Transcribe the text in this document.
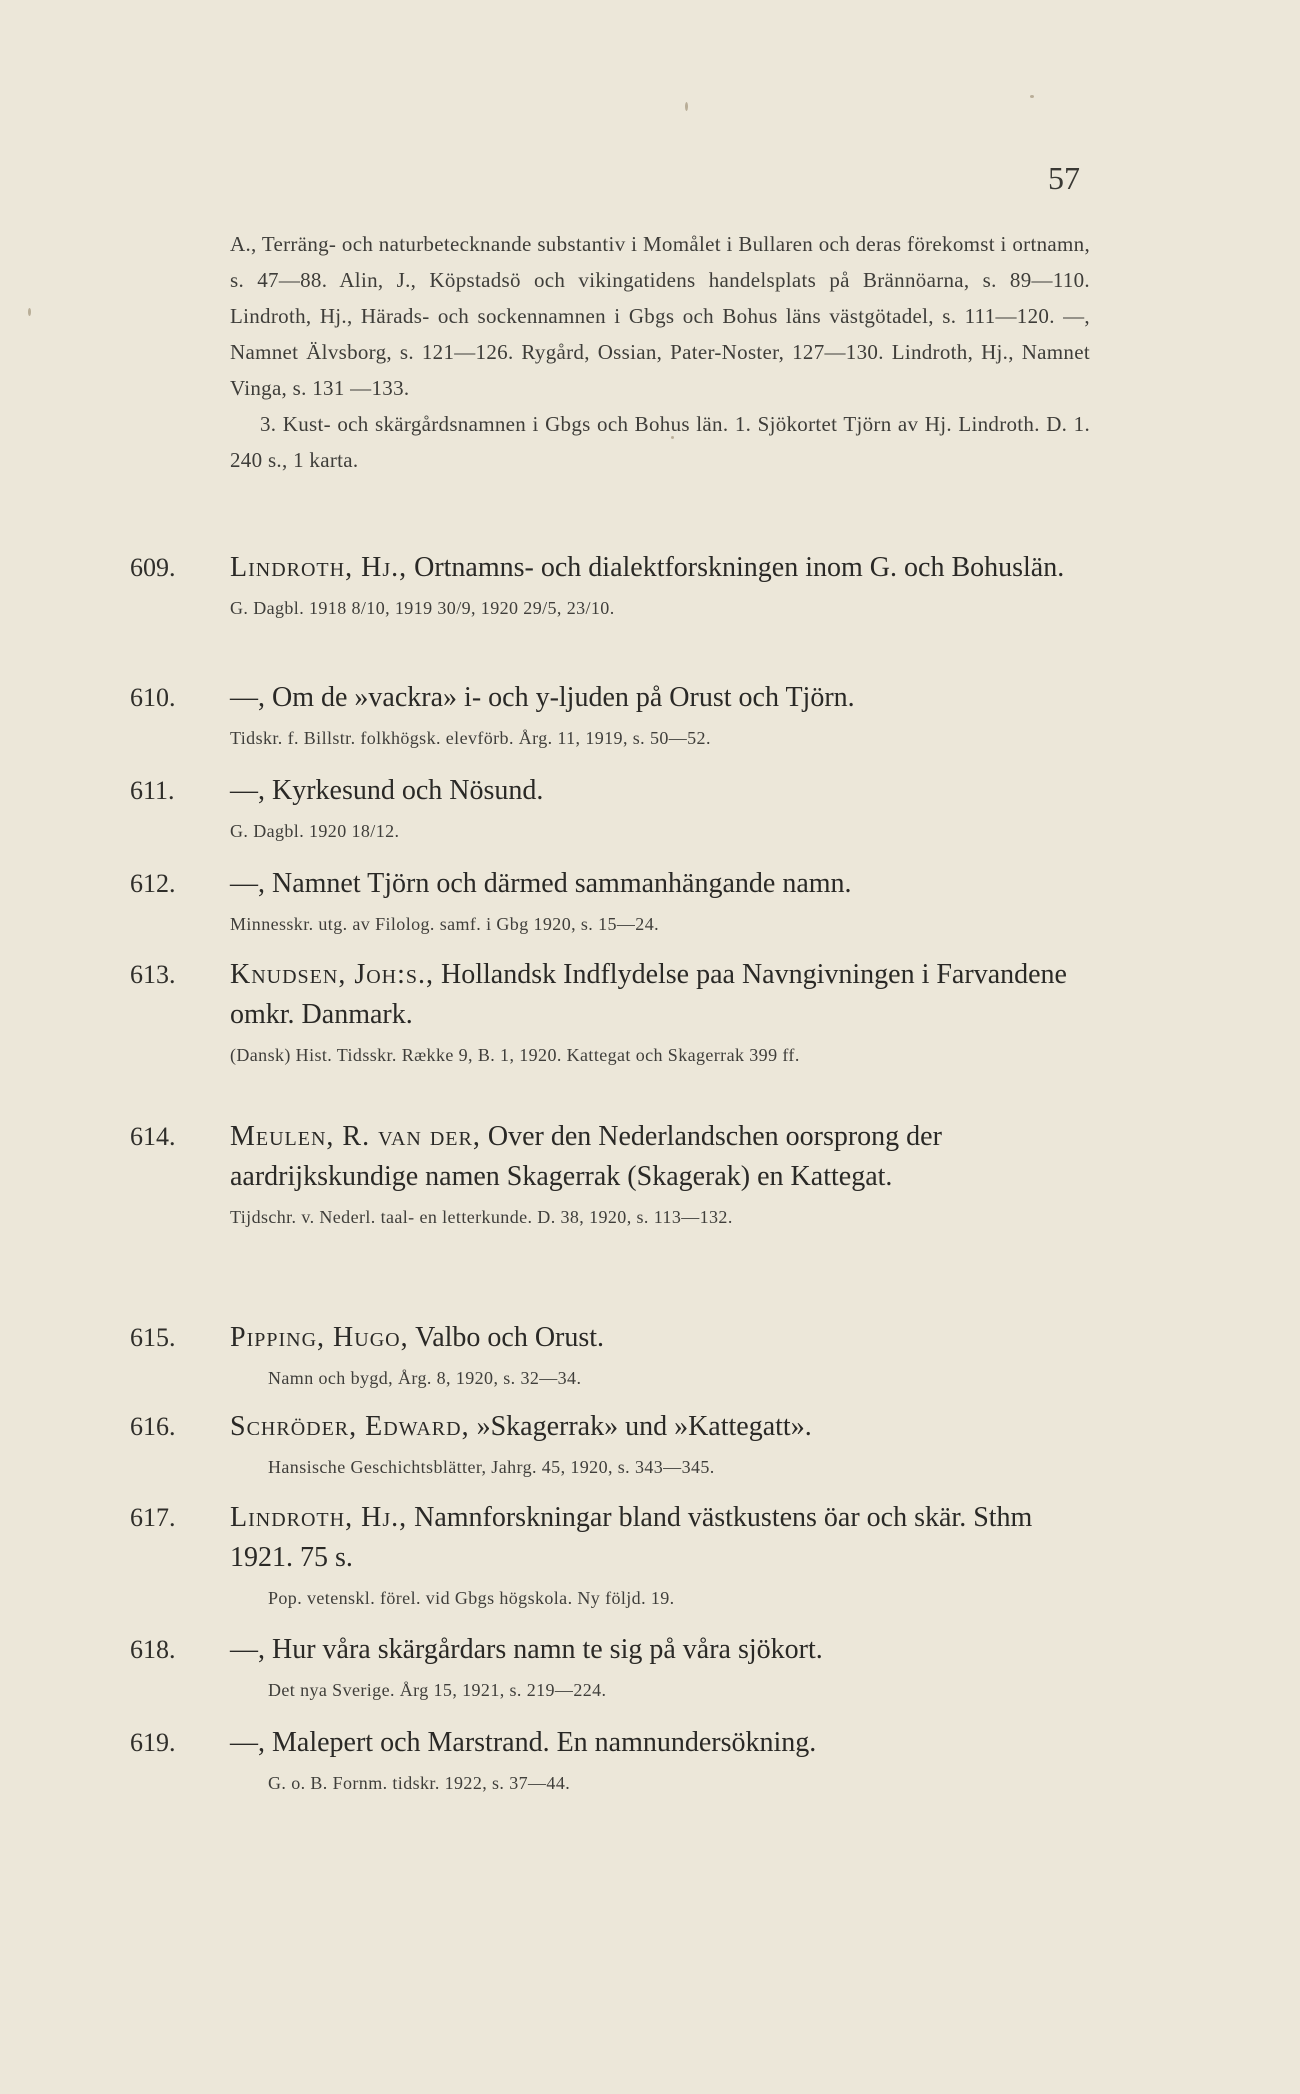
57

A., Terräng- och naturbetecknande substantiv i Momålet i Bullaren och deras förekomst i ortnamn, s. 47—88. Alin, J., Köpstadsö och vikingatidens handelsplats på Brännöarna, s. 89—110. Lindroth, Hj., Härads- och sockennamnen i Gbgs och Bohus läns västgötadel, s. 111—120. —, Namnet Älvsborg, s. 121—126. Rygård, Ossian, Pater-Noster, 127—130. Lindroth, Hj., Namnet Vinga, s. 131 —133.

3. Kust- och skärgårdsnamnen i Gbgs och Bohus län. 1. Sjökortet Tjörn av Hj. Lindroth. D. 1. 240 s., 1 karta.

609.	Lindroth, Hj., Ortnamns- och dialektforskningen inom G. och Bohuslän.

G. Dagbl. 1918 8/10, 1919 30/9, 1920 29/5, 23/10.

610.	—, Om de »vackra» i- och y-ljuden på Orust och Tjörn.

Tidskr. f. Billstr. folkhögsk. elevförb. Årg. 11, 1919, s. 50—52.

611.	—, Kyrkesund och Nösund.

G. Dagbl. 1920 18/12.

612.	—, Namnet Tjörn och därmed sammanhängande namn.

Minnesskr. utg. av Filolog. samf. i Gbg 1920, s. 15—24.

613.	Knudsen, Joh:s., Hollandsk Indflydelse paa Navngivningen i Farvandene omkr. Danmark.

(Dansk) Hist. Tidsskr. Række 9, B. 1, 1920. Kattegat och Skagerrak 399 ff.

614.	Meulen, R. van der, Over den Nederlandschen oorsprong der aardrijkskundige namen Skagerrak (Skagerak) en Kattegat.

Tijdschr. v. Nederl. taal- en letterkunde. D. 38, 1920, s. 113—132.

615.	Pipping, Hugo, Valbo och Orust.

Namn och bygd, Årg. 8, 1920, s. 32—34.

616.	Schröder, Edward, »Skagerrak» und »Kattegatt».

Hansische Geschichtsblätter, Jahrg. 45, 1920, s. 343—345.

617.	Lindroth, Hj., Namnforskningar bland västkustens öar och skär. Sthm 1921. 75 s.

Pop. vetenskl. förel. vid Gbgs högskola. Ny följd. 19.

618.	—, Hur våra skärgårdars namn te sig på våra sjökort.

Det nya Sverige. Årg 15, 1921, s. 219—224.

619.	—, Malepert och Marstrand. En namnundersökning.

G. o. B. Fornm. tidskr. 1922, s. 37—44.
